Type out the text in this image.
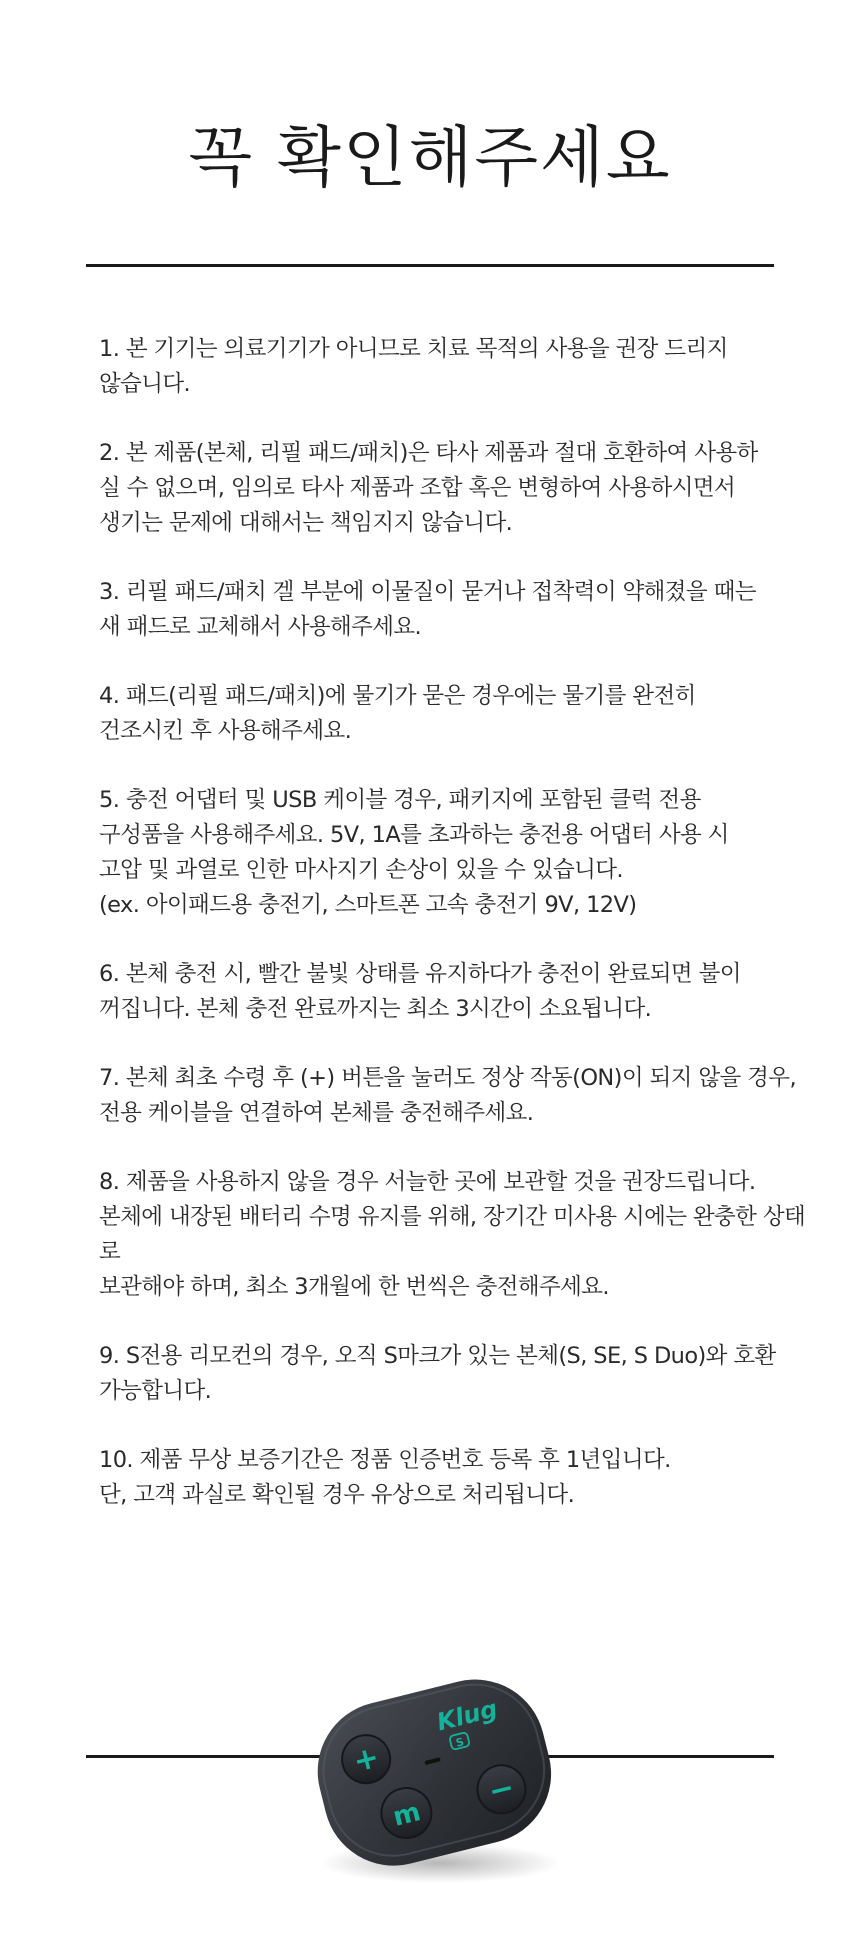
꼭 확인해주세요
1. 본 기기는 의료기기가 아니므로 치료 목적의 사용을 권장 드리지
않습니다.
2. 본 제품(본체, 리필 패드/패치)은 타사 제품과 절대 호환하여 사용하
실 수 없으며, 임의로 타사 제품과 조합 혹은 변형하여 사용하시면서
생기는 문제에 대해서는 책임지지 않습니다.
3. 리필 패드/패치 겔 부분에 이물질이 묻거나 접착력이 약해졌을 때는
새 패드로 교체해서 사용해주세요.
4. 패드(리필 패드/패치)에 물기가 묻은 경우에는 물기를 완전히
건조시킨 후 사용해주세요.
5. 충전 어댑터 및 USB 케이블 경우, 패키지에 포함된 클럭 전용
구성품을 사용해주세요. 5V, 1A를 초과하는 충전용 어댑터 사용 시
고압 및 과열로 인한 마사지기 손상이 있을 수 있습니다.
(ex. 아이패드용 충전기, 스마트폰 고속 충전기 9V, 12V)
6. 본체 충전 시, 빨간 불빛 상태를 유지하다가 충전이 완료되면 불이
꺼집니다. 본체 충전 완료까지는 최소 3시간이 소요됩니다.
7. 본체 최초 수령 후 (+) 버튼을 눌러도 정상 작동(ON)이 되지 않을 경우,
전용 케이블을 연결하여 본체를 충전해주세요.
8. 제품을 사용하지 않을 경우 서늘한 곳에 보관할 것을 권장드립니다.
본체에 내장된 배터리 수명 유지를 위해, 장기간 미사용 시에는 완충한 상태로
보관해야 하며, 최소 3개월에 한 번씩은 충전해주세요.
9. S전용 리모컨의 경우, 오직 S마크가 있는 본체(S, SE, S Duo)와 호환
가능합니다.
10. 제품 무상 보증기간은 정품 인증번호 등록 후 1년입니다.
단, 고객 과실로 확인될 경우 유상으로 처리됩니다.
Klug
S
+
m
−
